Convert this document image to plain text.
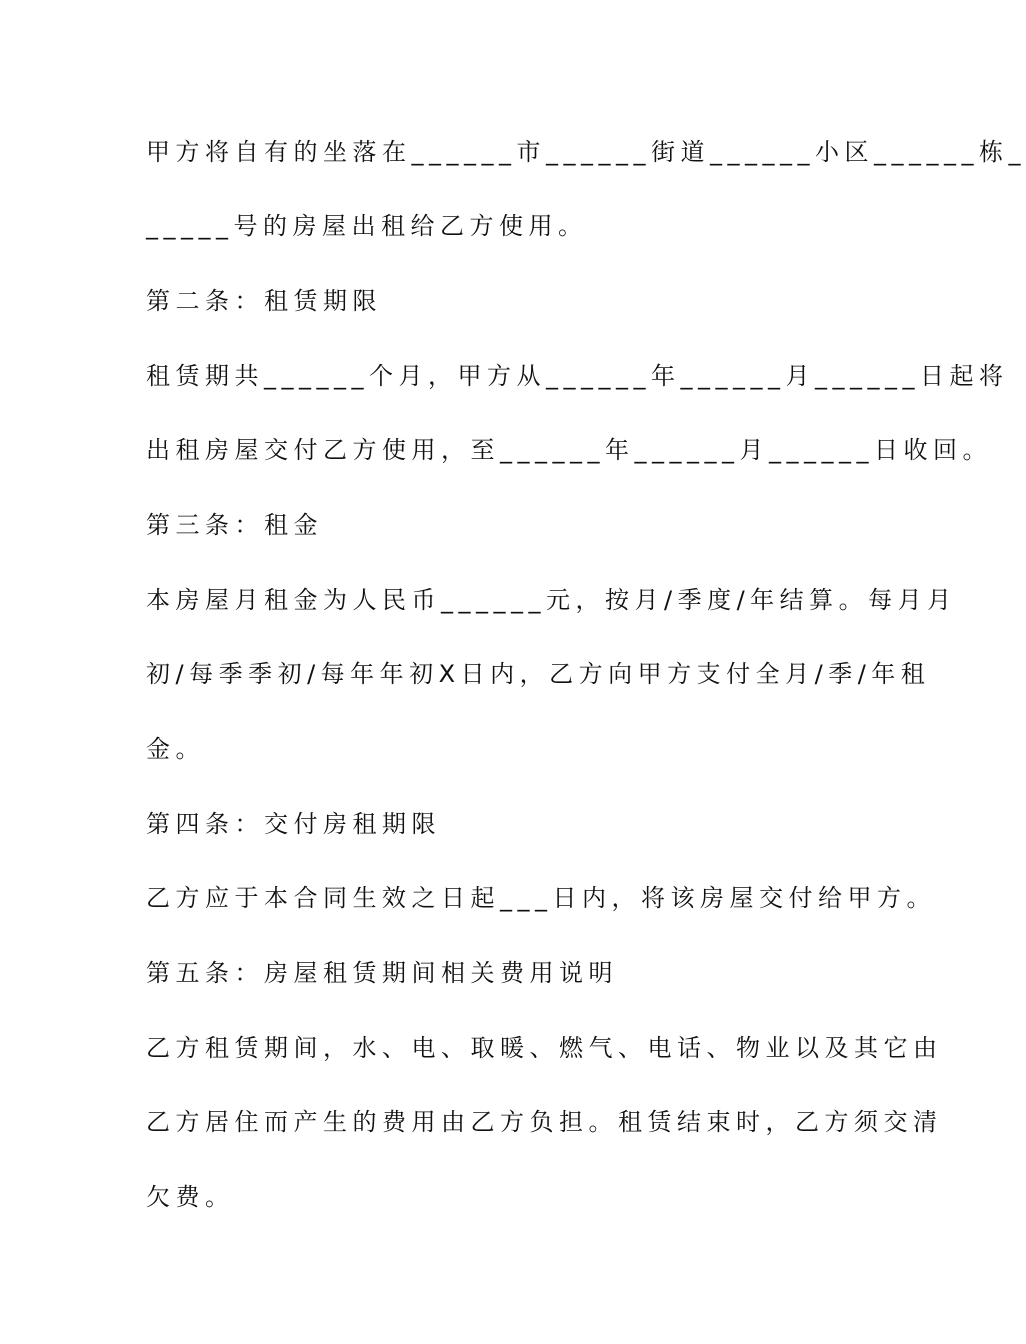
甲方将自有的坐落在______市______街道______小区______栋_
_____号的房屋出租给乙方使用。
第二条：租赁期限
租赁期共______个月，甲方从______年______月______日起将
出租房屋交付乙方使用，至______年______月______日收回。
第三条：租金
本房屋月租金为人民币______元，按月/季度/年结算。每月月
初/每季季初/每年年初X日内，乙方向甲方支付全月/季/年租
金。
第四条：交付房租期限
乙方应于本合同生效之日起___日内，将该房屋交付给甲方。
第五条：房屋租赁期间相关费用说明
乙方租赁期间，水、电、取暖、燃气、电话、物业以及其它由
乙方居住而产生的费用由乙方负担。租赁结束时，乙方须交清
欠费。
